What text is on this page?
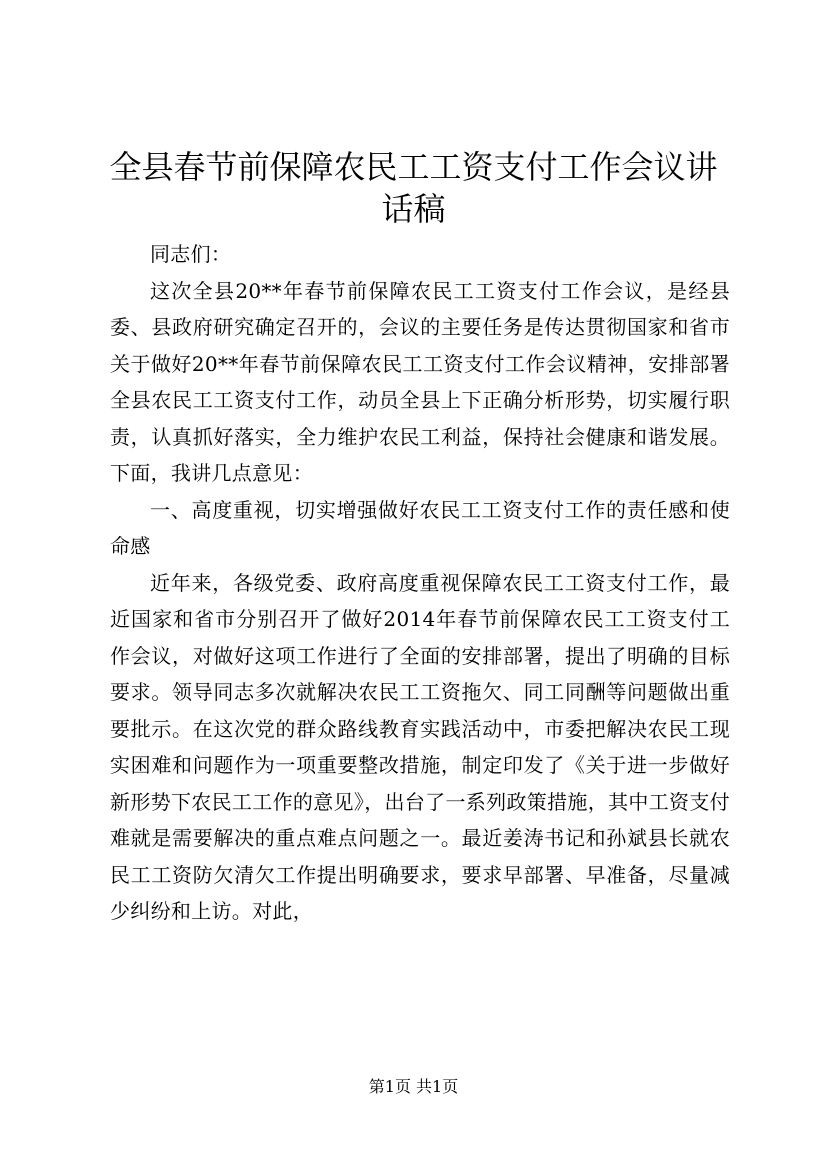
全县春节前保障农民工工资支付工作会议讲话稿

同志们：

这次全县20**年春节前保障农民工工资支付工作会议，是经县委、县政府研究确定召开的，会议的主要任务是传达贯彻国家和省市关于做好20**年春节前保障农民工工资支付工作会议精神，安排部署全县农民工工资支付工作，动员全县上下正确分析形势，切实履行职责，认真抓好落实，全力维护农民工利益，保持社会健康和谐发展。下面，我讲几点意见：

一、高度重视，切实增强做好农民工工资支付工作的责任感和使命感

近年来，各级党委、政府高度重视保障农民工工资支付工作，最近国家和省市分别召开了做好2014年春节前保障农民工工资支付工作会议，对做好这项工作进行了全面的安排部署，提出了明确的目标要求。领导同志多次就解决农民工工资拖欠、同工同酬等问题做出重要批示。在这次党的群众路线教育实践活动中，市委把解决农民工现实困难和问题作为一项重要整改措施，制定印发了《关于进一步做好新形势下农民工工作的意见》，出台了一系列政策措施，其中工资支付难就是需要解决的重点难点问题之一。最近姜涛书记和孙斌县长就农民工工资防欠清欠工作提出明确要求，要求早部署、早准备，尽量减少纠纷和上访。对此，

第1页 共1页
